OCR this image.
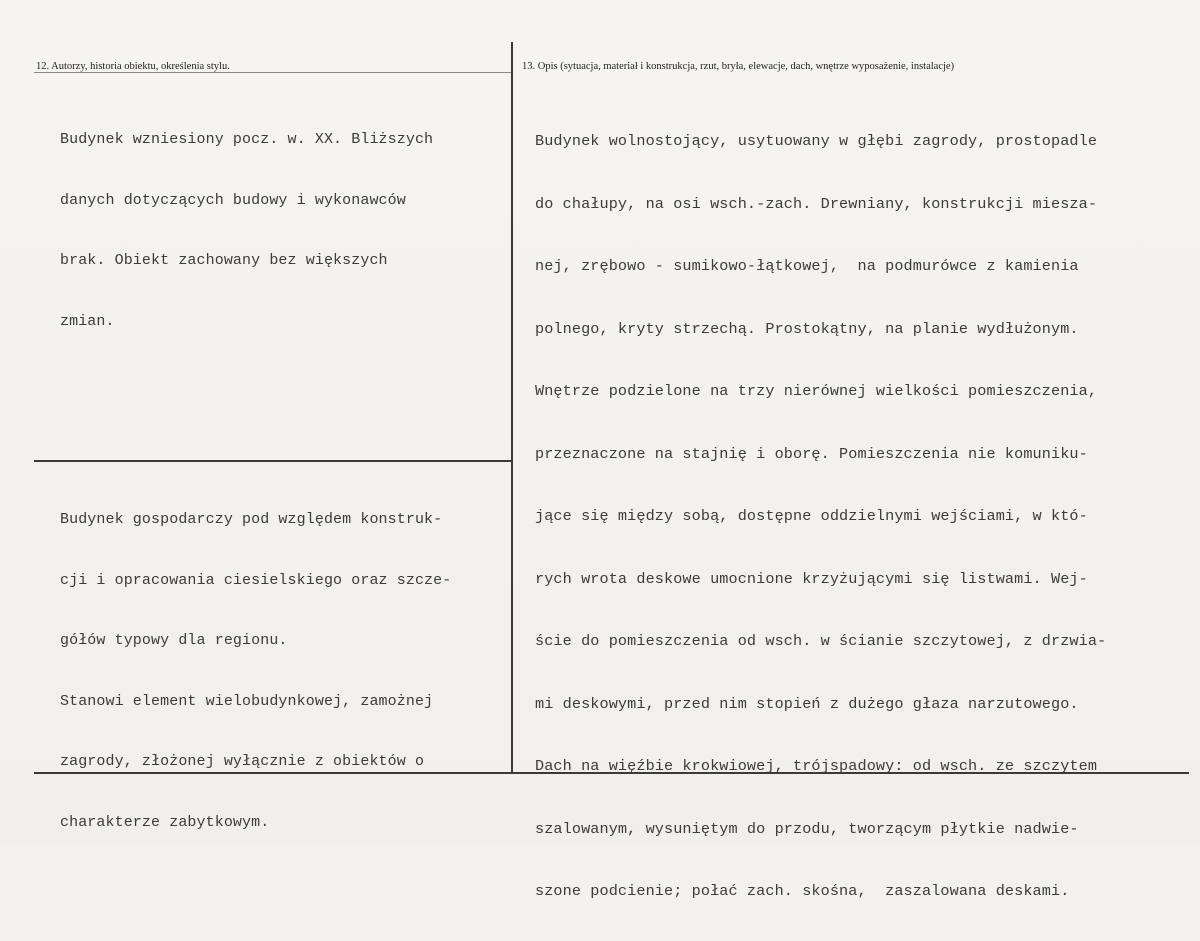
12. Autorzy, historia obiektu, określenia stylu.	13. Opis (sytuacja, materiał i konstrukcja, rzut, bryła, elewacje, dach, wnętrze wyposażenie, instalacje)

Budynek wzniesiony pocz. w. XX. Bliższych

danych dotyczących budowy i wykonawców

brak. Obiekt zachowany bez większych

zmian.

Budynek gospodarczy pod względem konstruk-

cji i opracowania ciesielskiego oraz szcze-

gółów typowy dla regionu.

Stanowi element wielobudynkowej, zamożnej

zagrody, złożonej wyłącznie z obiektów o

charakterze zabytkowym.

Budynek wolnostojący, usytuowany w głębi zagrody, prostopadle

do chałupy, na osi wsch.-zach. Drewniany, konstrukcji miesza-

nej, zrębowo - sumikowo-łątkowej,  na podmurówce z kamienia

polnego, kryty strzechą. Prostokątny, na planie wydłużonym.

Wnętrze podzielone na trzy nierównej wielkości pomieszczenia,

przeznaczone na stajnię i oborę. Pomieszczenia nie komuniku-

jące się między sobą, dostępne oddzielnymi wejściami, w któ-

rych wrota deskowe umocnione krzyżującymi się listwami. Wej-

ście do pomieszczenia od wsch. w ścianie szczytowej, z drzwia-

mi deskowymi, przed nim stopień z dużego głaza narzutowego.

Dach na więźbie krokwiowej, trójspadowy: od wsch. ze szczytem

szalowanym, wysuniętym do przodu, tworzącym płytkie nadwie-

szone podcienie; połać zach. skośna,  zaszalowana deskami.
